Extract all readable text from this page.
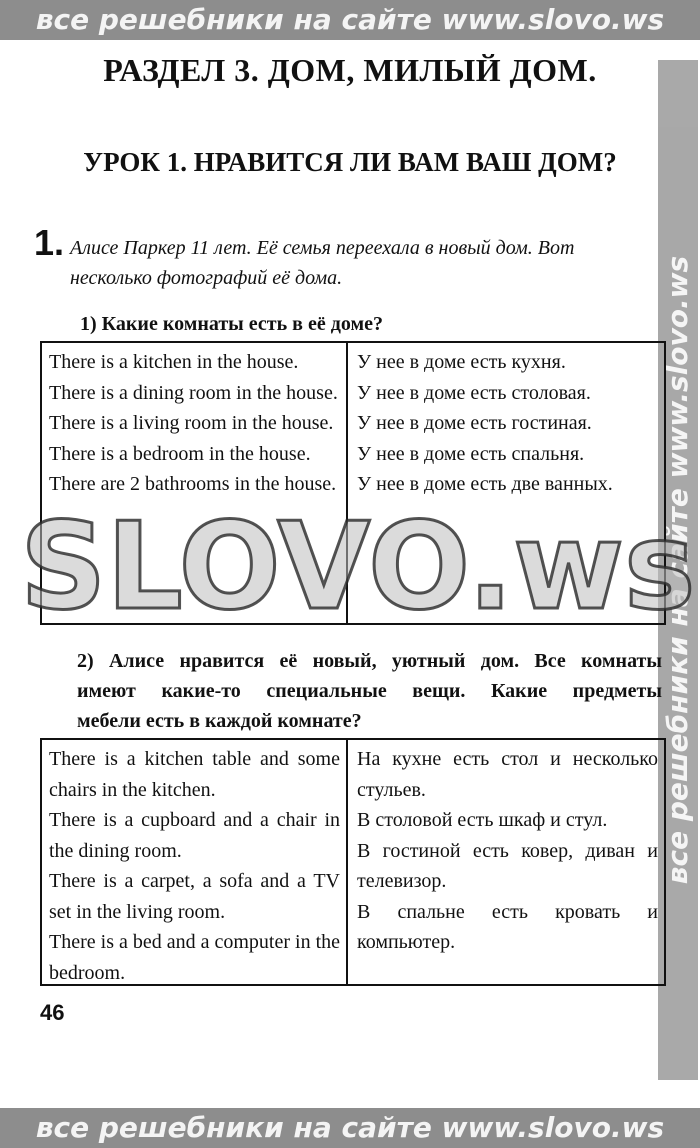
все решебники на сайте www.slovo.ws
все решебники на сайте www.slovo.ws
РАЗДЕЛ 3. ДОМ, МИЛЫЙ ДОМ.
УРОК 1. НРАВИТСЯ ЛИ ВАМ ВАШ ДОМ?
1. Алисе Паркер 11 лет. Её семья переехала в новый дом. Вот
несколько фотографий её дома.
1) Какие комнаты есть в её доме?

There is a kitchen in the house.

There is a dining room in the house.

There is a living room in the house.

There is a bedroom in the house.

There are 2 bathrooms in the house.

У нее в доме есть кухня.

У нее в доме есть столовая.

У нее в доме есть гостиная.

У нее в доме есть спальня.

У нее в доме есть две ванных.

2) Алисе нравится её новый, уютный дом. Все комнаты
имеют какие-то специальные вещи. Какие предметы
мебели есть в каждой комнате?

There is a kitchen table and some chairs in the kitchen.

There is a cupboard and a chair in the dining room.

There is a carpet, a sofa and a TV set in the living room.

There is a bed and a computer in the bedroom.

На кухне есть стол и несколько стульев.

В столовой есть шкаф и стул.

В гостиной есть ковер, диван и телевизор.

В спальне есть кровать и компьютер.

46
SLOVO.ws
все решебники на сайте www.slovo.ws
